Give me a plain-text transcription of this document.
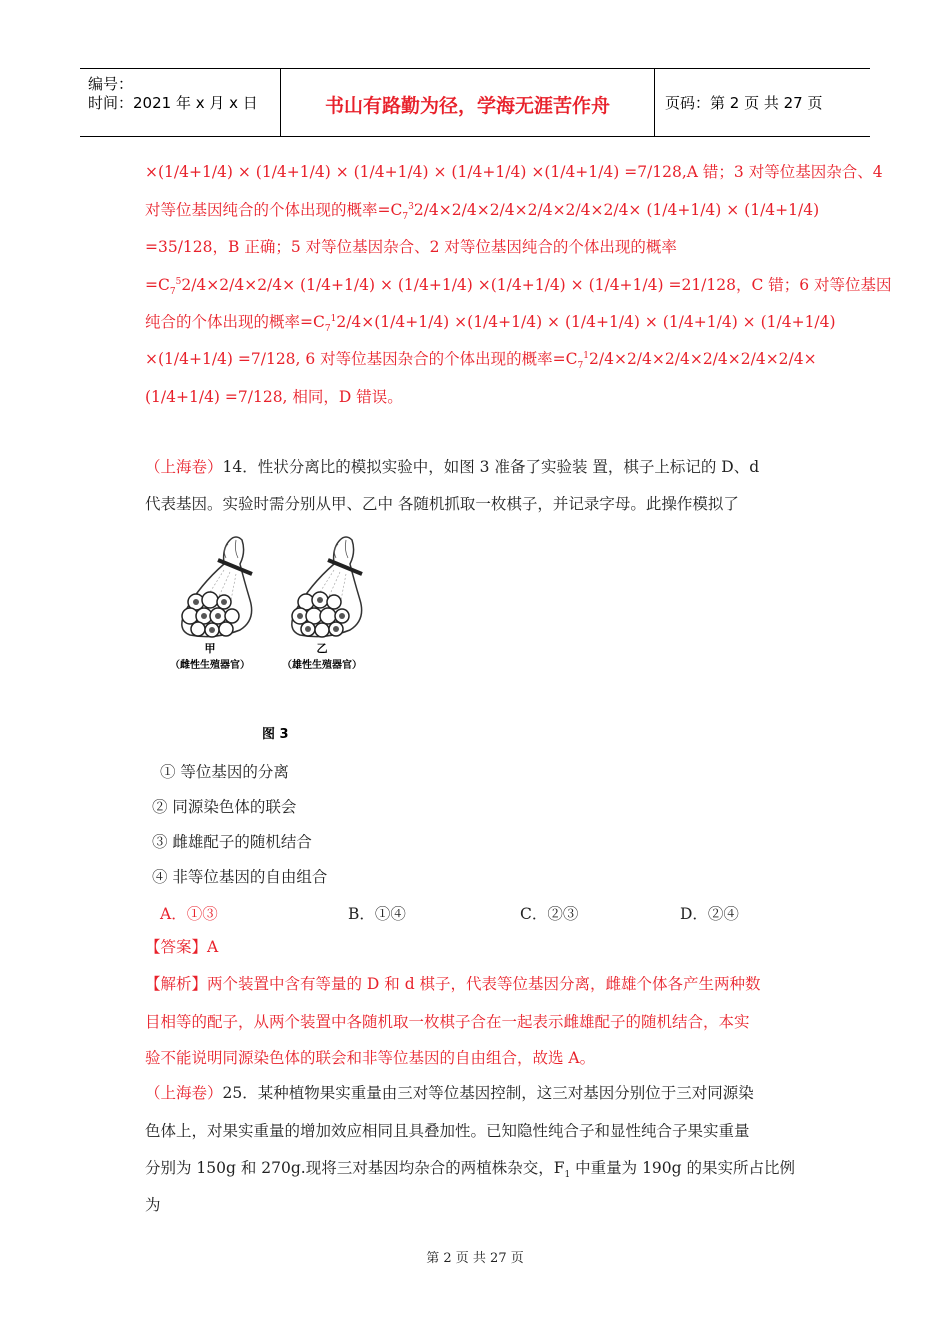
编号：
时间：2021 年 x 月 x 日	书山有路勤为径，学海无涯苦作舟	页码：第 2 页 共 27 页
×(1/4+1/4) × (1/4+1/4) × (1/4+1/4) × (1/4+1/4) ×(1/4+1/4) =7/128,A 错；3 对等位基因杂合、4
对等位基因纯合的个体出现的概率$=C_7^32/4\times 2/4\times 2/4\times 2/4\times 2/4\times 2/4\times (1/4+1/4) \times (1/4+1/4)$
=35/128，B 正确；5 对等位基因杂合、2 对等位基因纯合的个体出现的概率
$=C_7^52/4\times 2/4\times 2/4\times (1/4+1/4) \times (1/4+1/4) \times(1/4+1/4) \times (1/4+1/4) =21/128$，C 错；6 对等位基因
纯合的个体出现的概率$=C_7^12/4\times(1/4+1/4) \times(1/4+1/4) \times (1/4+1/4) \times (1/4+1/4) \times (1/4+1/4)$
×(1/4+1/4) =7/128, 6 对等位基因杂合的个体出现的概率$=C_7^12/4\times 2/4\times 2/4\times 2/4\times 2/4\times 2/4\times$
(1/4+1/4) =7/128, 相同，D 错误。
（上海卷）14．性状分离比的模拟实验中，如图 3 准备了实验装 置，棋子上标记的 D、d
代表基因。实验时需分别从甲、乙中 各随机抓取一枚棋子，并记录字母。此操作模拟了
甲
（雌性生殖器官）
乙
（雄性生殖器官）
图 3
① 等位基因的分离
② 同源染色体的联会
③ 雌雄配子的随机结合
④ 非等位基因的自由组合
A．①③	B．①④	C．②③	D．②④
【答案】A
【解析】两个装置中含有等量的 D 和 d 棋子，代表等位基因分离，雌雄个体各产生两种数
目相等的配子，从两个装置中各随机取一枚棋子合在一起表示雌雄配子的随机结合，本实
验不能说明同源染色体的联会和非等位基因的自由组合，故选 A。
（上海卷）25．某种植物果实重量由三对等位基因控制，这三对基因分别位于三对同源染
色体上，对果实重量的增加效应相同且具叠加性。已知隐性纯合子和显性纯合子果实重量
分别为 150g 和 270g.现将三对基因均杂合的两植株杂交，$F_1$ 中重量为 190g 的果实所占比例
为
第 2 页 共 27 页
